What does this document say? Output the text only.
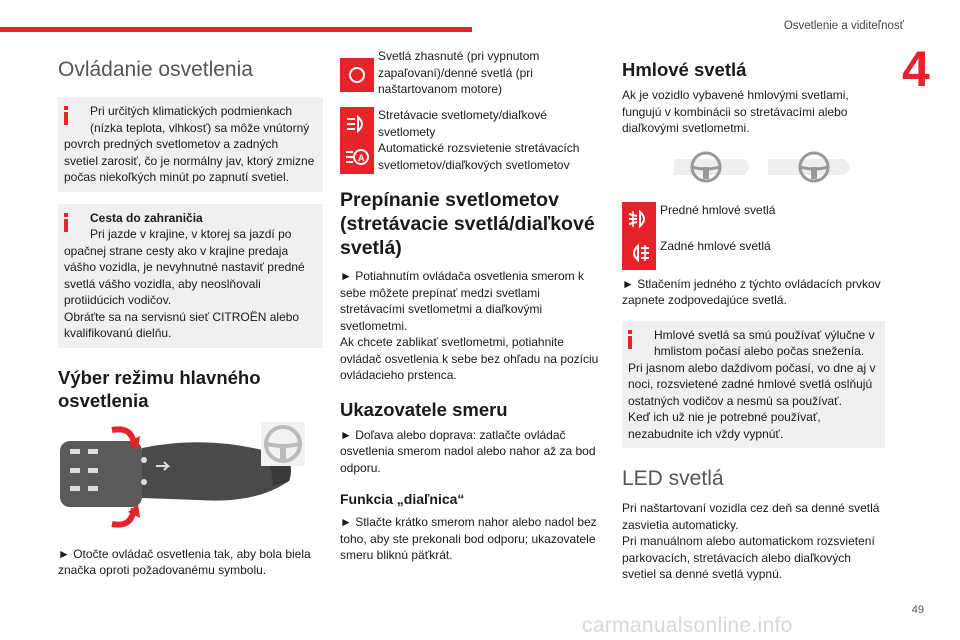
Osvetlenie a viditeľnosť
4
Ovládanie osvetlenia
Pri určitých klimatických podmienkach (nízka teplota, vlhkosť) sa môže vnútorný
povrch predných svetlometov a zadných svetiel zarosiť, čo je normálny jav, ktorý zmizne počas niekoľkých minút po zapnutí svetiel.
Cesta do zahraničia
Pri jazde v krajine, v ktorej sa jazdí po
opačnej strane cesty ako v krajine predaja vášho vozidla, je nevyhnutné nastaviť predné svetlá vášho vozidla, aby neoslňovali protiidúcich vodičov.
Obráťte sa na servisnú sieť CITROËN alebo kvalifikovanú dielňu.
Výber režimu hlavného osvetlenia
► Otočte ovládač osvetlenia tak, aby bola biela značka oproti požadovanému symbolu.
Svetlá zhasnuté (pri vypnutom zapaľovaní)/denné svetlá (pri naštartovanom motore)
Stretávacie svetlomety/diaľkové svetlomety
A
Automatické rozsvietenie stretávacích svetlometov/diaľkových svetlometov
Prepínanie svetlometov (stretávacie svetlá/diaľkové svetlá)
► Potiahnutím ovládača osvetlenia smerom k sebe môžete prepínať medzi svetlami stretávacími svetlometmi a diaľkovými svetlometmi.
Ak chcete zablikať svetlometmi, potiahnite ovládač osvetlenia k sebe bez ohľadu na pozíciu ovládacieho prstenca.
Ukazovatele smeru
► Doľava alebo doprava: zatlačte ovládač osvetlenia smerom nadol alebo nahor až za bod odporu.
Funkcia „diaľnica“
► Stlačte krátko smerom nahor alebo nadol bez toho, aby ste prekonali bod odporu; ukazovatele smeru bliknú päťkrát.
Hmlové svetlá
Ak je vozidlo vybavené hmlovými svetlami, fungujú v kombinácii so stretávacími alebo diaľkovými svetlometmi.
Predné hmlové svetlá
Zadné hmlové svetlá
► Stlačením jedného z týchto ovládacích prvkov zapnete zodpovedajúce svetlá.
Hmlové svetlá sa smú používať výlučne v hmlistom počasí alebo počas sneženía.
Pri jasnom alebo daždivom počasí, vo dne aj v noci, rozsvietené zadné hmlové svetlá oslňujú ostatných vodičov a nesmú sa používať.
Keď ich už nie je potrebné používať, nezabudnite ich vždy vypnúť.
LED svetlá
Pri naštartovaní vozidla cez deň sa denné svetlá zasvietia automaticky.
Pri manuálnom alebo automatickom rozsvietení parkovacích, stretávacích alebo diaľkových svetiel sa denné svetlá vypnú.
49
carmanualsonline.info
